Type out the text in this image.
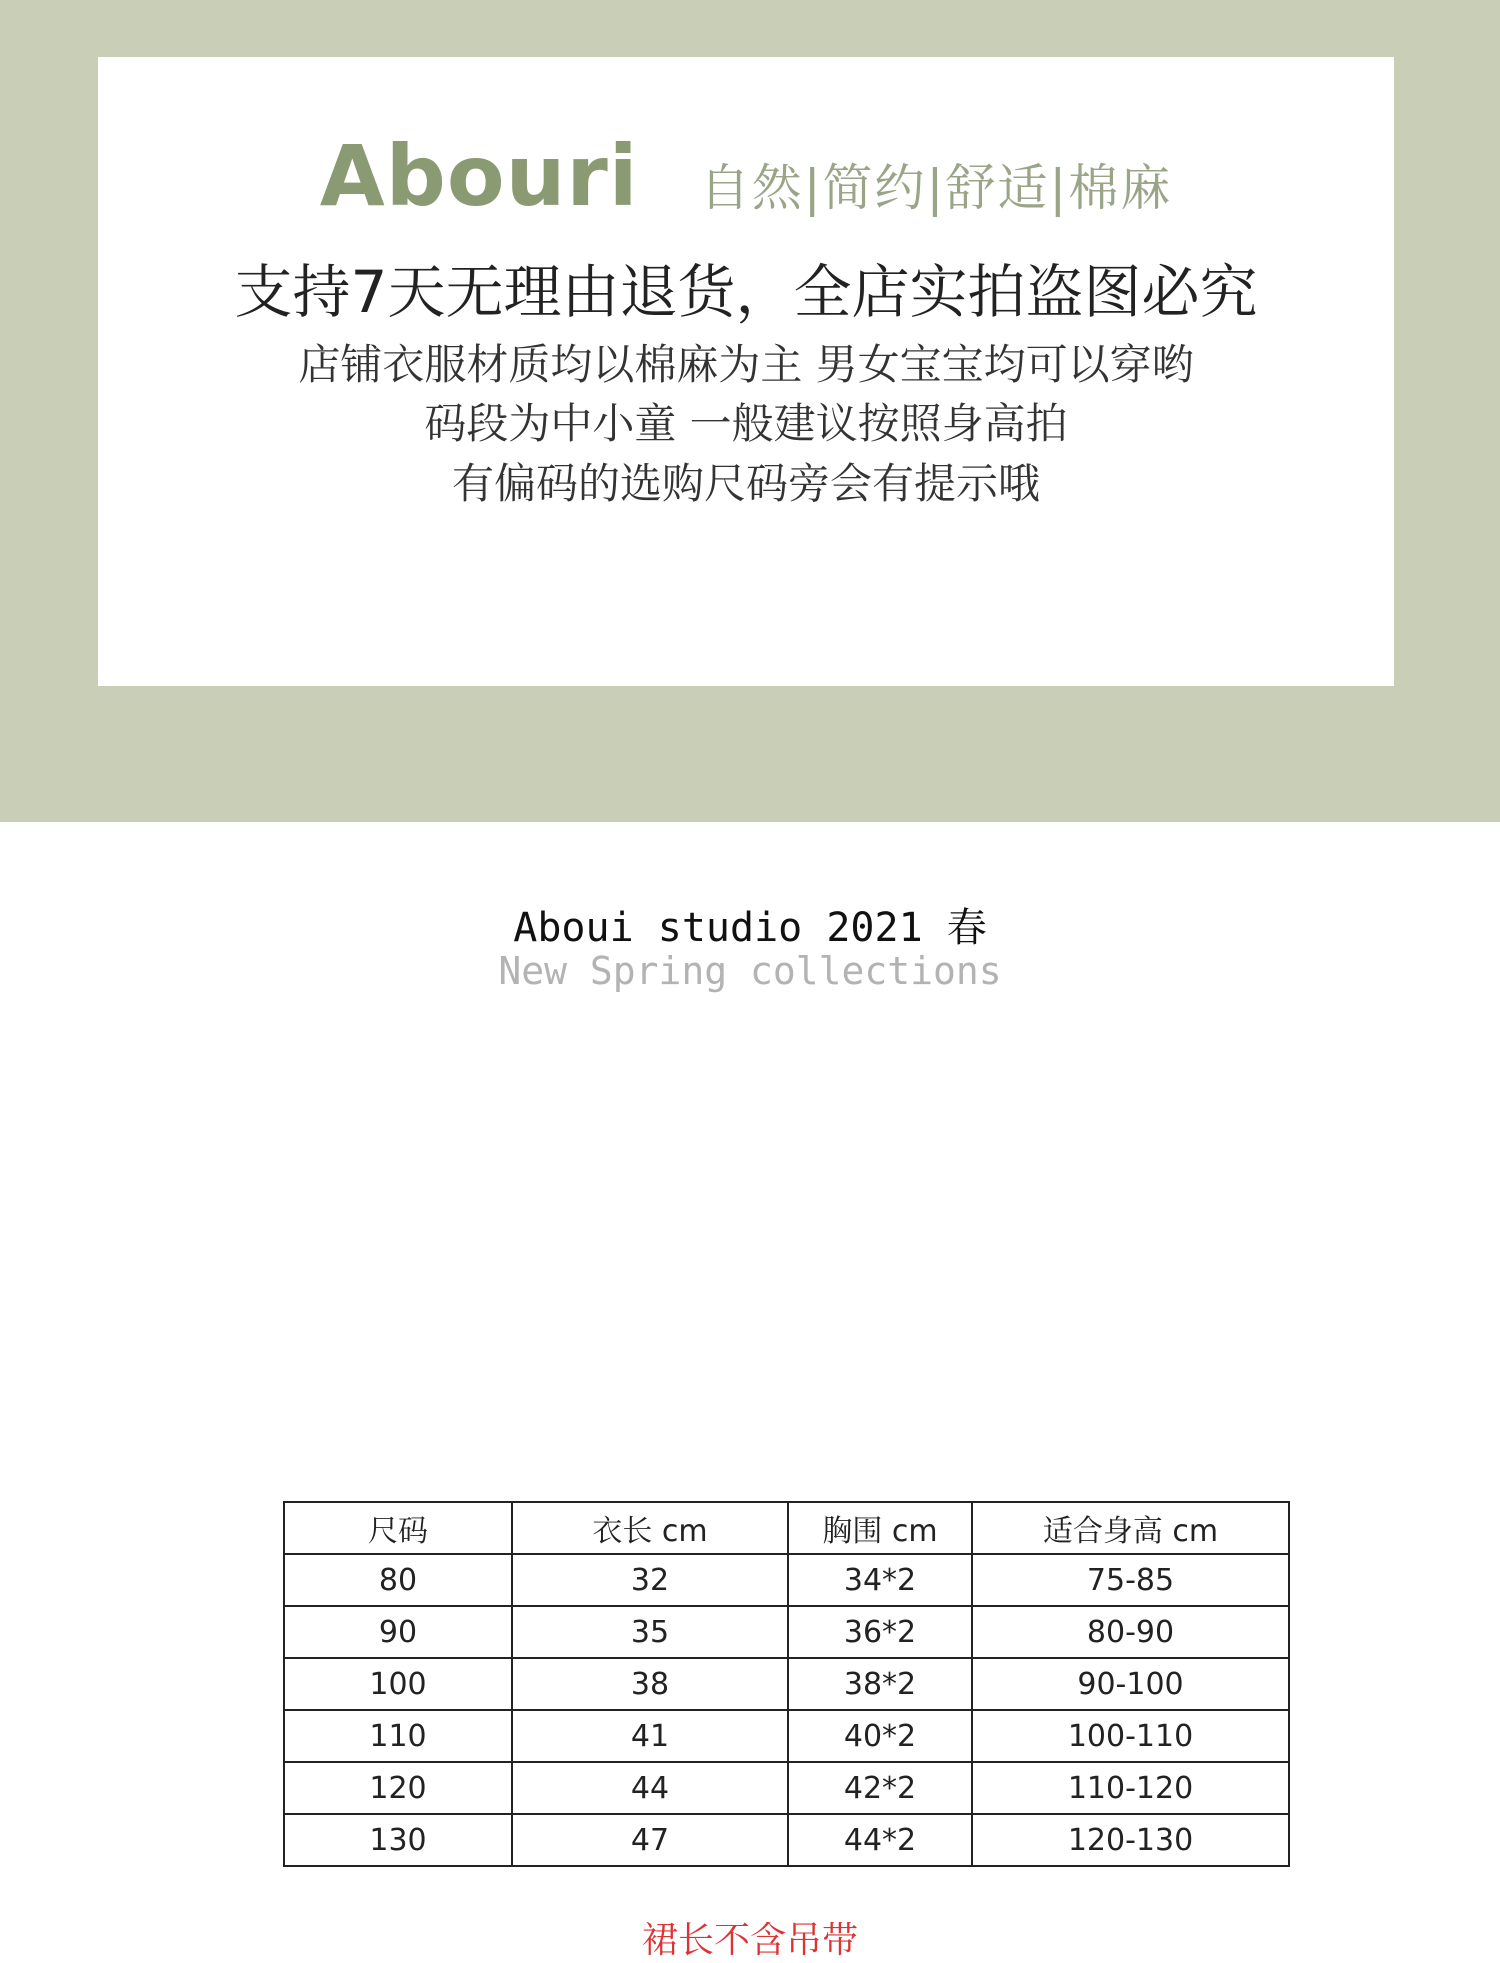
Abouri 自然|简约|舒适|棉麻
支持7天无理由退货，全店实拍盗图必究
店铺衣服材质均以棉麻为主 男女宝宝均可以穿哟
码段为中小童 一般建议按照身高拍
有偏码的选购尺码旁会有提示哦
Aboui studio 2021 春
New Spring collections
尺码	衣长 cm	胸围 cm	适合身高 cm
80	32	34*2	75-85
90	35	36*2	80-90
100	38	38*2	90-100
110	41	40*2	100-110
120	44	42*2	110-120
130	47	44*2	120-130
裙长不含吊带
